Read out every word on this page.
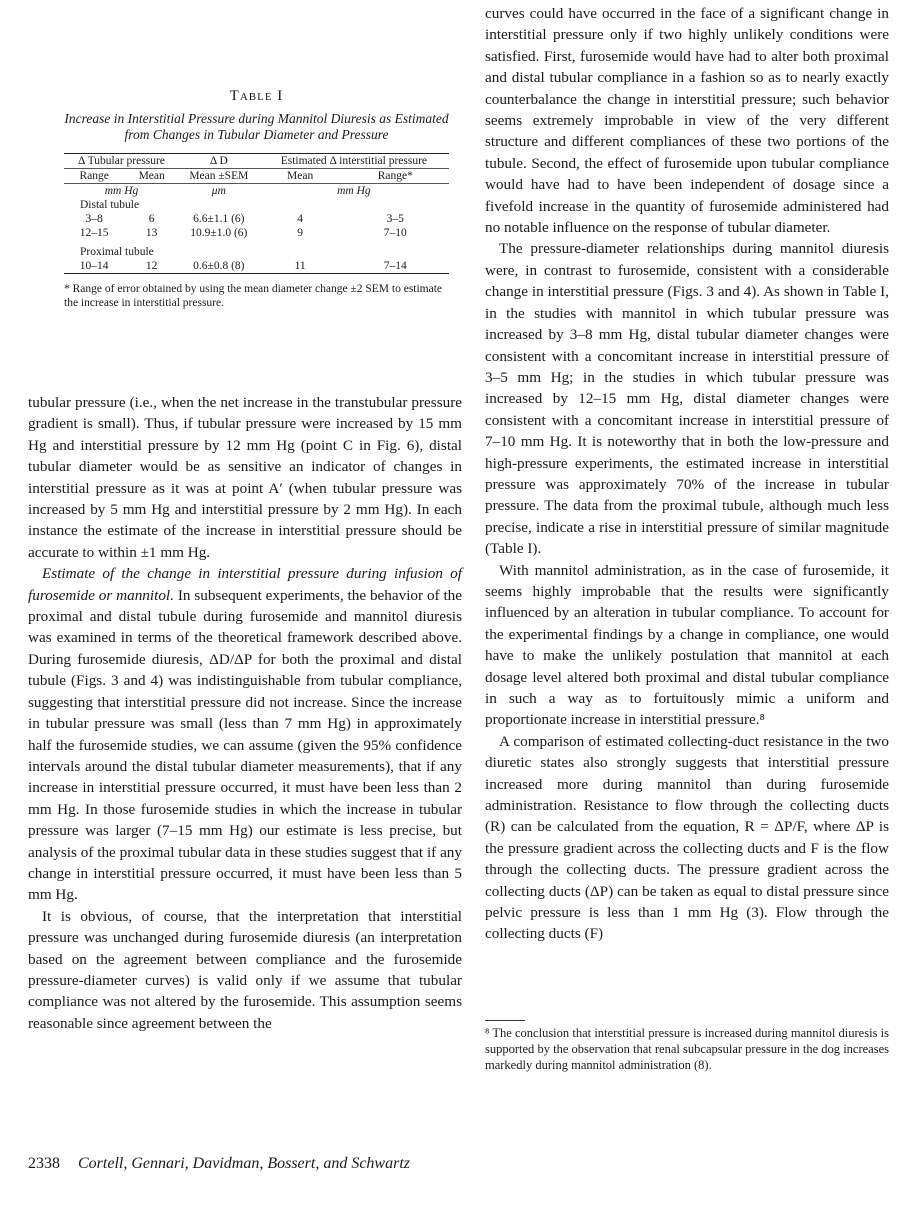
Table I
Increase in Interstitial Pressure during Mannitol Diuresis as Estimated from Changes in Tubular Diameter and Pressure
Δ Tubular pressure		Δ D	Estimated Δ interstitial pressure	
Range	Mean	Mean ±SEM	Mean	Range*
mm Hg		μm	mm Hg	
Distal tubule				
3–8	6	6.6±1.1 (6)	4	3–5
12–15	13	10.9±1.0 (6)	9	7–10
Proximal tubule				
10–14	12	0.6±0.8 (8)	11	7–14

* Range of error obtained by using the mean diameter change ±2 SEM to estimate the increase in interstitial pressure.

tubular pressure (i.e., when the net increase in the transtubular pressure gradient is small). Thus, if tubular pressure were increased by 15 mm Hg and interstitial pressure by 12 mm Hg (point C in Fig. 6), distal tubular diameter would be as sensitive an indicator of changes in interstitial pressure as it was at point A′ (when tubular pressure was increased by 5 mm Hg and interstitial pressure by 2 mm Hg). In each instance the estimate of the increase in interstitial pressure should be accurate to within ±1 mm Hg.

Estimate of the change in interstitial pressure during infusion of furosemide or mannitol. In subsequent experiments, the behavior of the proximal and distal tubule during furosemide and mannitol diuresis was examined in terms of the theoretical framework described above. During furosemide diuresis, ΔD/ΔP for both the proximal and distal tubule (Figs. 3 and 4) was indistinguishable from tubular compliance, suggesting that interstitial pressure did not increase. Since the increase in tubular pressure was small (less than 7 mm Hg) in approximately half the furosemide studies, we can assume (given the 95% confidence intervals around the distal tubular diameter measurements), that if any increase in interstitial pressure occurred, it must have been less than 2 mm Hg. In those furosemide studies in which the increase in tubular pressure was larger (7–15 mm Hg) our estimate is less precise, but analysis of the proximal tubular data in these studies suggest that if any change in interstitial pressure occurred, it must have been less than 5 mm Hg.

It is obvious, of course, that the interpretation that interstitial pressure was unchanged during furosemide diuresis (an interpretation based on the agreement between compliance and the furosemide pressure-diameter curves) is valid only if we assume that tubular compliance was not altered by the furosemide. This assumption seems reasonable since agreement between the

curves could have occurred in the face of a significant change in interstitial pressure only if two highly unlikely conditions were satisfied. First, furosemide would have had to alter both proximal and distal tubular compliance in a fashion so as to nearly exactly counterbalance the change in interstitial pressure; such behavior seems extremely improbable in view of the very different structure and different compliances of these two portions of the tubule. Second, the effect of furosemide upon tubular compliance would have had to have been independent of dosage since a fivefold increase in the quantity of furosemide administered had no notable influence on the response of tubular diameter.

The pressure-diameter relationships during mannitol diuresis were, in contrast to furosemide, consistent with a considerable change in interstitial pressure (Figs. 3 and 4). As shown in Table I, in the studies with mannitol in which tubular pressure was increased by 3–8 mm Hg, distal tubular diameter changes were consistent with a concomitant increase in interstitial pressure of 3–5 mm Hg; in the studies in which tubular pressure was increased by 12–15 mm Hg, distal diameter changes were consistent with a concomitant increase in interstitial pressure of 7–10 mm Hg. It is noteworthy that in both the low-pressure and high-pressure experiments, the estimated increase in interstitial pressure was approximately 70% of the increase in tubular pressure. The data from the proximal tubule, although much less precise, indicate a rise in interstitial pressure of similar magnitude (Table I).

With mannitol administration, as in the case of furosemide, it seems highly improbable that the results were significantly influenced by an alteration in tubular compliance. To account for the experimental findings by a change in compliance, one would have to make the unlikely postulation that mannitol at each dosage level altered both proximal and distal tubular compliance in such a way as to fortuitously mimic a uniform and proportionate increase in interstitial pressure.⁸

A comparison of estimated collecting-duct resistance in the two diuretic states also strongly suggests that interstitial pressure increased more during mannitol than during furosemide administration. Resistance to flow through the collecting ducts (R) can be calculated from the equation, R = ΔP/F, where ΔP is the pressure gradient across the collecting ducts and F is the flow through the collecting ducts. The pressure gradient across the collecting ducts (ΔP) can be taken as equal to distal pressure since pelvic pressure is less than 1 mm Hg (3). Flow through the collecting ducts (F)

⁸ The conclusion that interstitial pressure is increased during mannitol diuresis is supported by the observation that renal subcapsular pressure in the dog increases markedly during mannitol administration (8).
2338 Cortell, Gennari, Davidman, Bossert, and Schwartz
